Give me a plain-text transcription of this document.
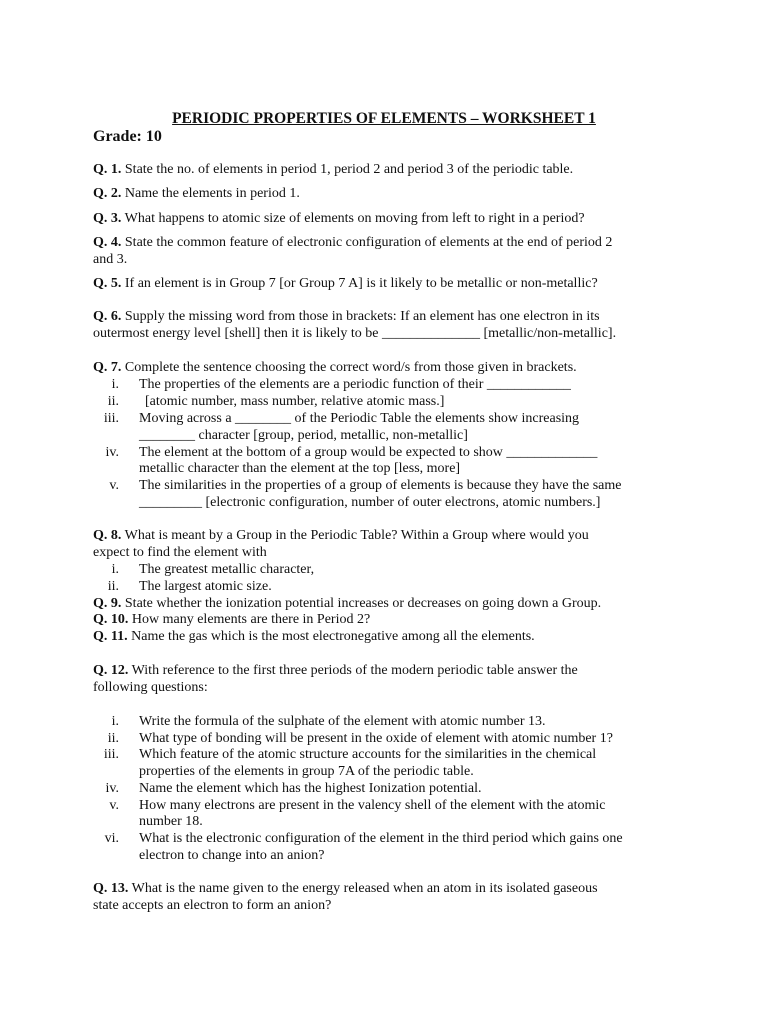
PERIODIC PROPERTIES OF ELEMENTS – WORKSHEET 1
Grade: 10
Q. 1. State the no. of elements in period 1, period 2 and period 3 of the periodic table.
Q. 2. Name the elements in period 1.
Q. 3. What happens to atomic size of elements on moving from left to right in a period?
Q. 4. State the common feature of electronic configuration of elements at the end of period 2
and 3.
Q. 5. If an element is in Group 7 [or Group 7 A] is it likely to be metallic or non-metallic?
Q. 6. Supply the missing word from those in brackets: If an element has one electron in its
outermost energy level [shell] then it is likely to be ______________ [metallic/non-metallic].
Q. 7. Complete the sentence choosing the correct word/s from those given in brackets.
i. The properties of the elements are a periodic function of their ____________
ii. [atomic number, mass number, relative atomic mass.]
iii. Moving across a ________ of the Periodic Table the elements show increasing
________ character [group, period, metallic, non-metallic]
iv. The element at the bottom of a group would be expected to show _____________
metallic character than the element at the top [less, more]
v. The similarities in the properties of a group of elements is because they have the same
_________ [electronic configuration, number of outer electrons, atomic numbers.]
Q. 8. What is meant by a Group in the Periodic Table? Within a Group where would you
expect to find the element with
i. The greatest metallic character,
ii. The largest atomic size.
Q. 9. State whether the ionization potential increases or decreases on going down a Group.
Q. 10. How many elements are there in Period 2?
Q. 11. Name the gas which is the most electronegative among all the elements.
Q. 12. With reference to the first three periods of the modern periodic table answer the
following questions:
i. Write the formula of the sulphate of the element with atomic number 13.
ii. What type of bonding will be present in the oxide of element with atomic number 1?
iii. Which feature of the atomic structure accounts for the similarities in the chemical
properties of the elements in group 7A of the periodic table.
iv. Name the element which has the highest Ionization potential.
v. How many electrons are present in the valency shell of the element with the atomic
number 18.
vi. What is the electronic configuration of the element in the third period which gains one
electron to change into an anion?
Q. 13. What is the name given to the energy released when an atom in its isolated gaseous
state accepts an electron to form an anion?
